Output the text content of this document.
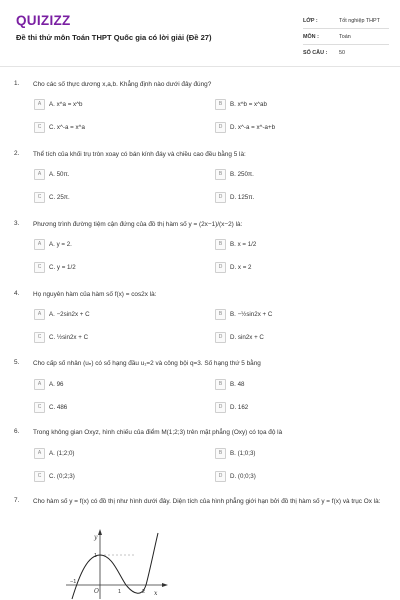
QUIZIZZ
Đề thi thử môn Toán THPT Quốc gia có lời giải (Đề 27)
LỚP :	Tốt nghiệp THPT
MÔN :	Toán
SỐ CÂU :	50
1. Cho các số thực dương x,a,b. Khẳng định nào dưới đây đúng?
A	A. x^a = x^b	B	B. x^b = x^ab
C	C. x^-a = x^a	D	D. x^-a = x^-a+b
2. Thể tích của khối trụ tròn xoay có bán kính đáy và chiều cao đều bằng 5 là:
A	A. 50π.	B	B. 250π.
C	C. 25π.	D	D. 125π.
3. Phương trình đường tiệm cận đứng của đồ thị hàm số y = (2x−1)/(x−2) là:
A	A. y = 2.	B	B. x = 1/2
C	C. y = 1/2	D	D. x = 2
4. Họ nguyên hàm của hàm số f(x) = cos2x là:
A	A. −2sin2x + C	B	B. −½sin2x + C
C	C. ½sin2x + C	D	D. sin2x + C
5. Cho cấp số nhân (uₙ) có số hạng đầu u₁=2 và công bội q=3. Số hạng thứ 5 bằng
A	A. 96	B	B. 48
C	C. 486	D	D. 162
6. Trong không gian Oxyz, hình chiếu của điểm M(1;2;3) trên mặt phẳng (Oxy) có tọa độ là
A	A. (1;2;0)	B	B. (1;0;3)
C	C. (0;2;3)	D	D. (0;0;3)
7. Cho hàm số y = f(x) có đồ thị như hình dưới đây. Diện tích của hình phẳng giới hạn bởi đồ thị hàm số y = f(x) và trục Ox là:
y
x
O	1	2
−1
1
